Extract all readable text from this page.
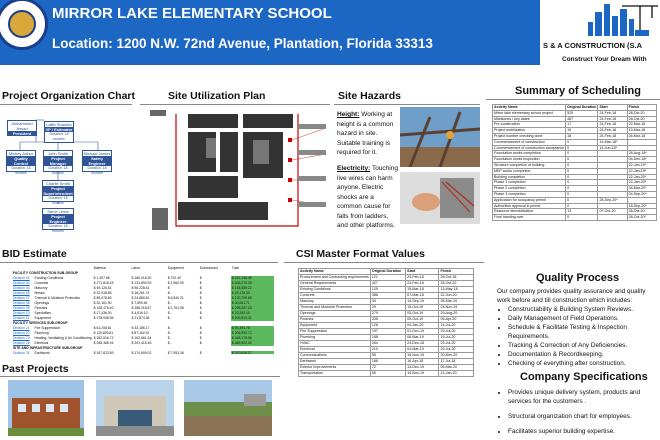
MIRROR LAKE ELEMENTARY SCHOOL
Location: 1200 N.W. 72nd Avenue, Plantation, Florida 33313	S & A CONSTRUCTION (S.A
Construct Your Dream With
Project Organization Chart
Muhammad Ansari
President
Lalith Shankar
VP / Estimator
Duration: 18 months
Mickey Arthur
Quality Control
Duration: 18 months
John Smith
Project Manager
Duration: 18 months
Michael James
Safety Engineer
Duration: 18 months
Charlie Smith
Project Superintendent
Duration: 18 months
Steve Lewis
Project Engineer
Duration: 18 months
Site Utilization Plan	Site Hazards
Height: Working at height is a common hazard in site. Suitable training is required for it.
Electricity: Touching live wires can harm anyone. Electric shocks are a common cause for falls from ladders, and other platforms.
Summary of Scheduling
Activity Name	Original Duration	Start	Finish
Mirror lake elementary school project	525	24-Feb-18	28-Oct-20
Milestones / key dates	487	24-Feb-18	28-Oct-20
Pre-construction	17	24-Feb-18	22-Mar-18
Project mobilization	15	24-Feb-18	13-Mar-18
Project number checking done	18	24-Feb-18	26-Mar-18
Commencement of construction	0	14-Mar-18*	
Commencement of construction acceptance	0	14-Jun-18*	
Foundation works completion	0		28-Aug-18*
Foundation works inspection	0		04-Dec-18*
Structure completion of building	0		22-Jan-19*
MEP works completion	0		22-Jan-19*
Building completion	0		22-Jan-20*
Phase 1 completion	0		22-Jan-20*
Phase 2 completion	0		04-Mar-20*
Phase 3 completion	0		04-Sep-20*
Application for occupancy permit	0	28-Sep-20*	
Authorities approval & permit	0		18-Sep-20*
Resource demobilization	13	07-Oct-20	28-Oct-20
Final handing over	0		28-Oct-20*
BID Estimate
		Material	Labor	Equipment	Subcontract	Total
FACILITY CONSTRUCTION SUB-GROUP						
Division 01	Existing Conditions	$ 1,397.65	$ 166,018.30	$ 720.40	$	$ 167,136.35
Division 03	Concrete	$ 271,818.45	$ 131,890.93	$ 2,560.90	$	$ 406,270.28
Division 04	Masonry	$ 49,126.61	$ 96,228.61	$	$	$ 145,355.22
Division 05	Metals	$ 32,916.56	$ 16,261.74	$ -	$	$ 49,178.30
Division 07	Thermal & Moisture Protection	$ 89,078.83	$ 24,880.81	$ 6,840.21	$	$ 120,799.85
Division 08	Openings	$ 32,161.90	$ 7,899.81	$ -	$	$ 40,061.71
Division 09	Finishes	$ 108,476.40	$ 188,018.87	$ 2,761.98	$	$ 299,257.25
Division 10	Specialties	$ 17,436.00	$ 4,816.10	$ -	$	$ 22,252.10
Division 11	Equipment	$ 178,938.96	$ 21,874.36	$ -	$	$ 200,813.32
FACILITY SERVICES SUB-GROUP						
Division 21	Fire Suppression	$ 61,208.61	$ 33,186.17	$ -	$	$ 94,394.78
Division 22	Plumbing	$ 119,829.81	$ 87,162.91	$ -	$	$ 206,992.72
Division 23	Heating, Ventilating & Air Conditioning	$ 282,516.72	$ 162,661.34	$ -	$	$ 445,178.06
Division 26	Electrical	$ 268,386.94	$ 201,415.46	$ -	$	$ 469,802.40
SITE AND INFRASTRUCTURE SUB-GROUP						
Division 31	Earthwork	$ 187,823.89	$ 174,809.02	$ 7,993.36	$	$ 370,626.27

CSI Master Format Values
Activity Name	Original Duration	Start	Finish
Procurement and Contracting requirements	121	24-Feb-18	28-Oct-18
General Requirements	427	24-Feb-18	28-Oct-20
Existing Conditions	129	15-Mar-18	13-May-18
Concrete	386	07-Mar-18	22-Jun-20
Masonry	34	14-Sep-19	28-Mar-19
Thermal and Moisture Protection	29	15-Oct-19	24-Nov-19
Openings	279	05-Oct-19	29-Aug-20
Finishes	335	05-Oct-19	05-Apr-20
Equipment	128	04-Jan-20	14-Jul-20
Fire Suppression	197	01-Dec-19	29-Jul-20
Plumbing	188	08-Mar-19	19-Jul-20
HVAC	264	24-Dec-18	29-Jul-20
Electrical	210	04-Mar-19	29-Jul-20
Communications	55	16-Nov-19	20-Dec-20
Earthwork	188	16-Apr-18	17-Jul-18
Exterior Improvements	72	13-Dec-19	05-Mar-20
Transportation	55	14-Nov-19	13-Jan-20
Quality Process
Our company provides quality assurance and quality work before and till construction which includes:
• Constructability & Building System Reviews.
• Daily Management of Field Operations.
• Schedule & Facilitate Testing & Inspection Requirements.
• Tracking & Correction of Any Deficiencies.
• Documentation & Recordkeeping.
• Checking of everything after construction.
Company Specifications
• Provides unique delivery system, products and services for the customers .
• Structural organization chart for employees.
• Facilitates superior building expertise.
Past Projects
